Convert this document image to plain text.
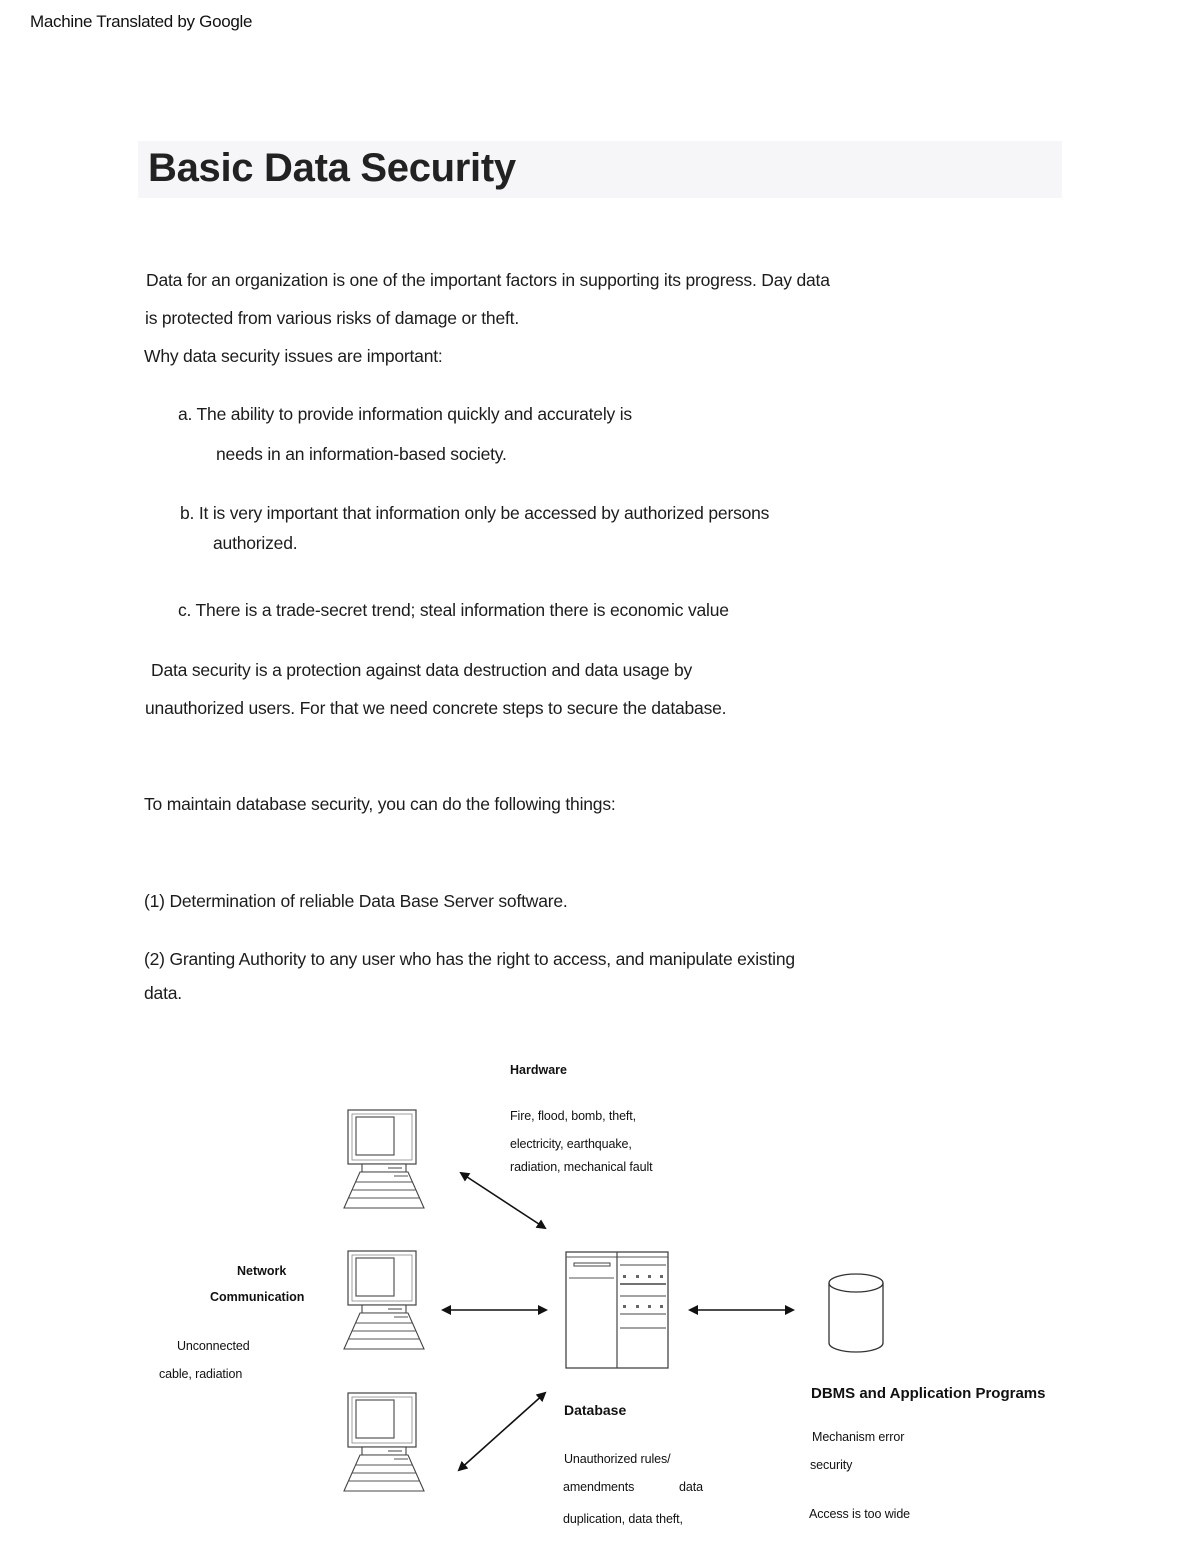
Machine Translated by Google
Basic Data Security
Data for an organization is one of the important factors in supporting its progress. Day data
is protected from various risks of damage or theft.
Why data security issues are important:
a. The ability to provide information quickly and accurately is
needs in an information-based society.
b. It is very important that information only be accessed by authorized persons
authorized.
c. There is a trade-secret trend; steal information there is economic value
Data security is a protection against data destruction and data usage by
unauthorized users. For that we need concrete steps to secure the database.
To maintain database security, you can do the following things:
(1) Determination of reliable Data Base Server software.
(2) Granting Authority to any user who has the right to access, and manipulate existing
data.
Hardware
Fire, flood, bomb, theft,
electricity, earthquake,
radiation, mechanical fault
Network
Communication
Unconnected
cable, radiation
Database
Unauthorized rules/
amendments	data
duplication, data theft,
DBMS and Application Programs
Mechanism error
security
Access is too wide
